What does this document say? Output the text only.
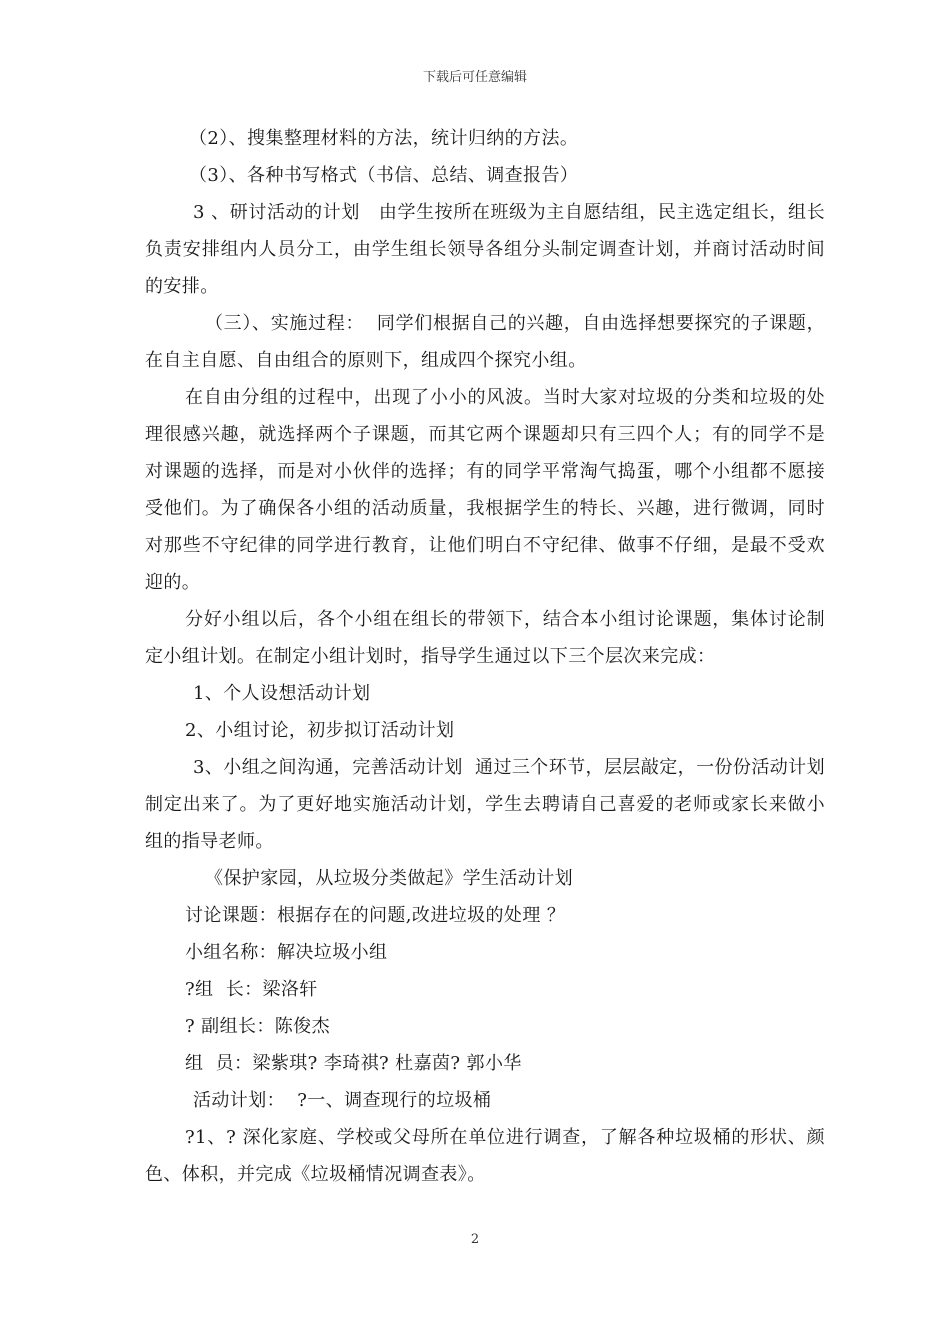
下载后可任意编辑

（2）、搜集整理材料的方法，统计归纳的方法。

（3）、各种书写格式（书信、总结、调查报告）

3 、研讨活动的计划   由学生按所在班级为主自愿结组，民主选定组长，组长负责安排组内人员分工，由学生组长领导各组分头制定调查计划，并商讨活动时间的安排。

（三）、实施过程：  同学们根据自己的兴趣，自由选择想要探究的子课题，在自主自愿、自由组合的原则下，组成四个探究小组。

在自由分组的过程中，出现了小小的风波。当时大家对垃圾的分类和垃圾的处理很感兴趣，就选择两个子课题，而其它两个课题却只有三四个人；有的同学不是对课题的选择，而是对小伙伴的选择；有的同学平常淘气捣蛋，哪个小组都不愿接受他们。为了确保各小组的活动质量，我根据学生的特长、兴趣，进行微调，同时对那些不守纪律的同学进行教育，让他们明白不守纪律、做事不仔细，是最不受欢迎的。

分好小组以后，各个小组在组长的带领下，结合本小组讨论课题，集体讨论制定小组计划。在制定小组计划时，指导学生通过以下三个层次来完成：

1、个人设想活动计划

2、小组讨论，初步拟订活动计划

3、小组之间沟通，完善活动计划  通过三个环节，层层敲定，一份份活动计划制定出来了。为了更好地实施活动计划，学生去聘请自己喜爱的老师或家长来做小组的指导老师。

《保护家园，从垃圾分类做起》学生活动计划

讨论课题：根据存在的问题,改进垃圾的处理 ？

小组名称：解决垃圾小组

?组  长：梁洛轩

? 副组长：陈俊杰

组  员：梁紫琪? 李琦祺? 杜嘉茵? 郭小华

活动计划：  ?一、调查现行的垃圾桶

?1、? 深化家庭、学校或父母所在单位进行调查，了解各种垃圾桶的形状、颜色、体积，并完成《垃圾桶情况调查表》。

2
